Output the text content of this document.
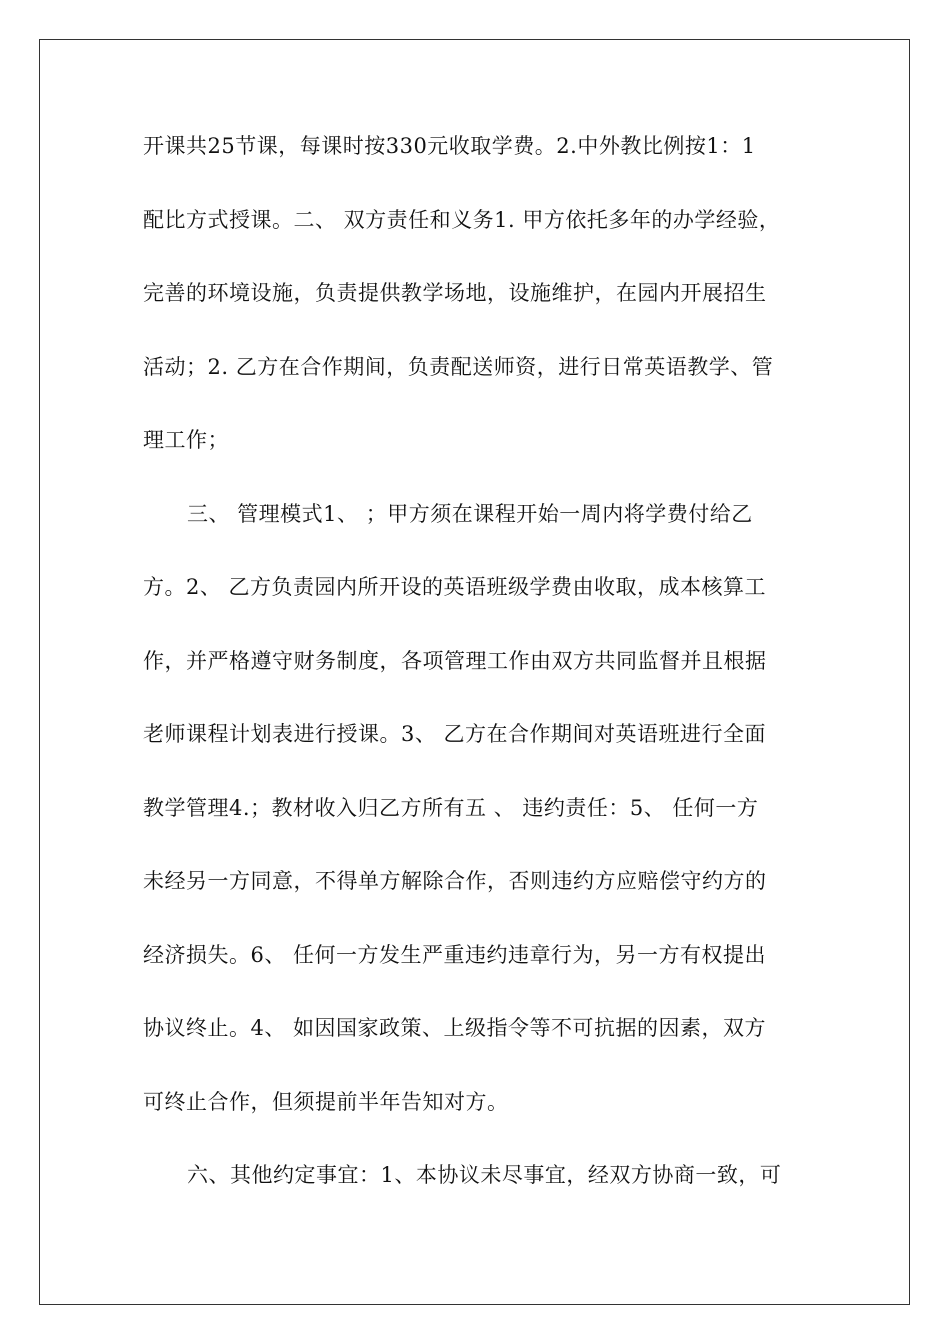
开课共25节课，每课时按330元收取学费。2.中外教比例按1：1
配比方式授课。二、 双方责任和义务1. 甲方依托多年的办学经验，
完善的环境设施，负责提供教学场地，设施维护，在园内开展招生
活动；2. 乙方在合作期间，负责配送师资，进行日常英语教学、管
理工作；
三、 管理模式1、 ；甲方须在课程开始一周内将学费付给乙
方。2、 乙方负责园内所开设的英语班级学费由收取，成本核算工
作，并严格遵守财务制度，各项管理工作由双方共同监督并且根据
老师课程计划表进行授课。3、 乙方在合作期间对英语班进行全面
教学管理4.；教材收入归乙方所有五 、 违约责任：5、 任何一方
未经另一方同意，不得单方解除合作，否则违约方应赔偿守约方的
经济损失。6、 任何一方发生严重违约违章行为，另一方有权提出
协议终止。4、 如因国家政策、上级指令等不可抗据的因素，双方
可终止合作，但须提前半年告知对方。
六、其他约定事宜：1、本协议未尽事宜，经双方协商一致，可
